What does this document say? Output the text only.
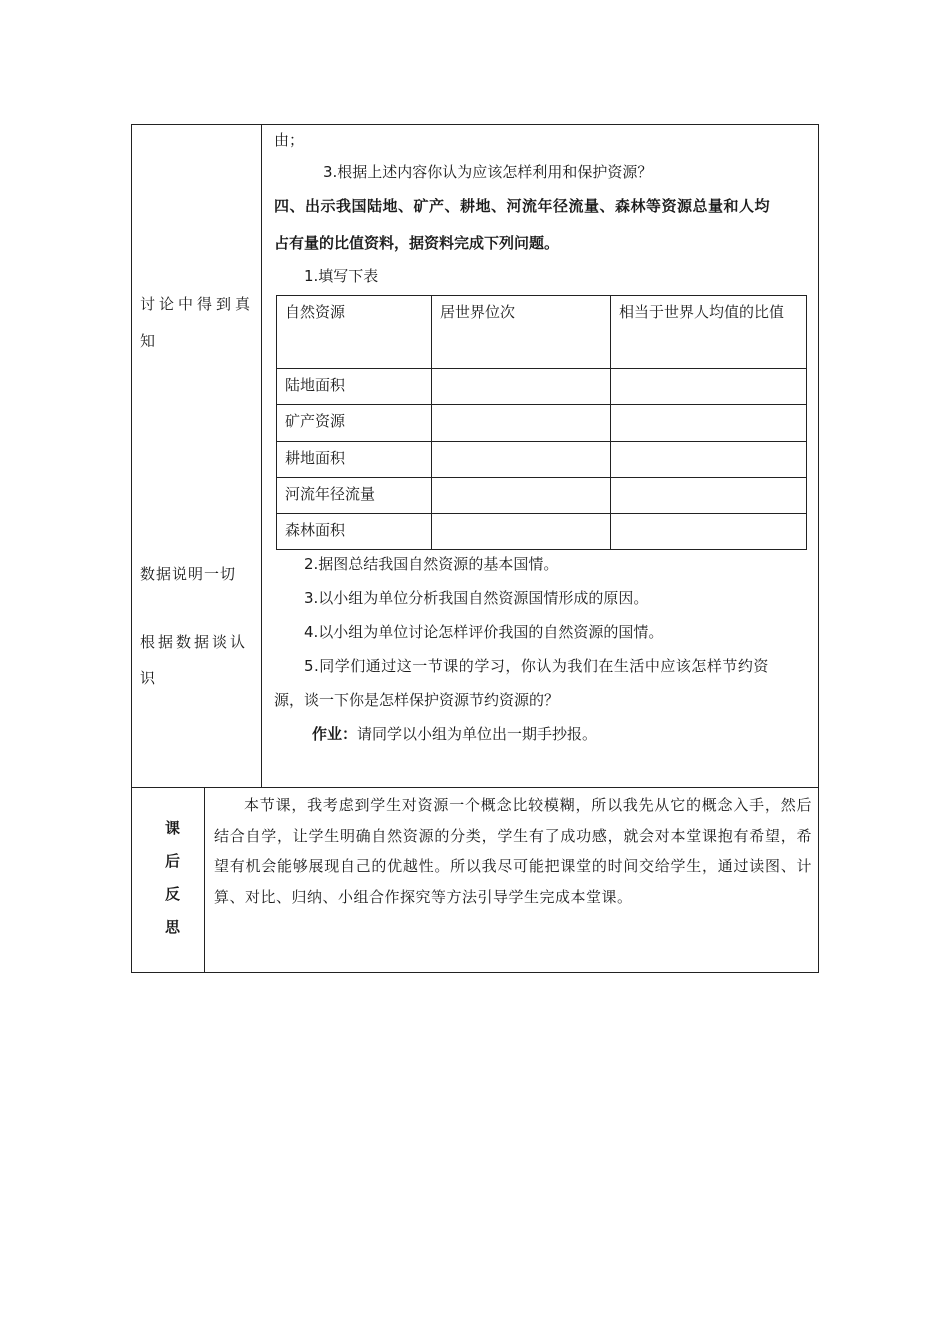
讨论中得到真
知
数据说明一切
根据数据谈认
识
由；
3.根据上述内容你认为应该怎样利用和保护资源？
四、出示我国陆地、矿产、耕地、河流年径流量、森林等资源总量和人均
占有量的比值资料，据资料完成下列问题。
1.填写下表
自然资源	居世界位次	相当于世界人均值的比值

陆地面积		
矿产资源		
耕地面积		
河流年径流量		
森林面积		
2.据图总结我国自然资源的基本国情。
3.以小组为单位分析我国自然资源国情形成的原因。
4.以小组为单位讨论怎样评价我国的自然资源的国情。
5.同学们通过这一节课的学习，你认为我们在生活中应该怎样节约资
源，谈一下你是怎样保护资源节约资源的？
作业：请同学以小组为单位出一期手抄报。
课
后
反
思
本节课，我考虑到学生对资源一个概念比较模糊，所以我先从它的概念入手，然后结合自学，让学生明确自然资源的分类，学生有了成功感，就会对本堂课抱有希望，希望有机会能够展现自己的优越性。所以我尽可能把课堂的时间交给学生，通过读图、计算、对比、归纳、小组合作探究等方法引导学生完成本堂课。
